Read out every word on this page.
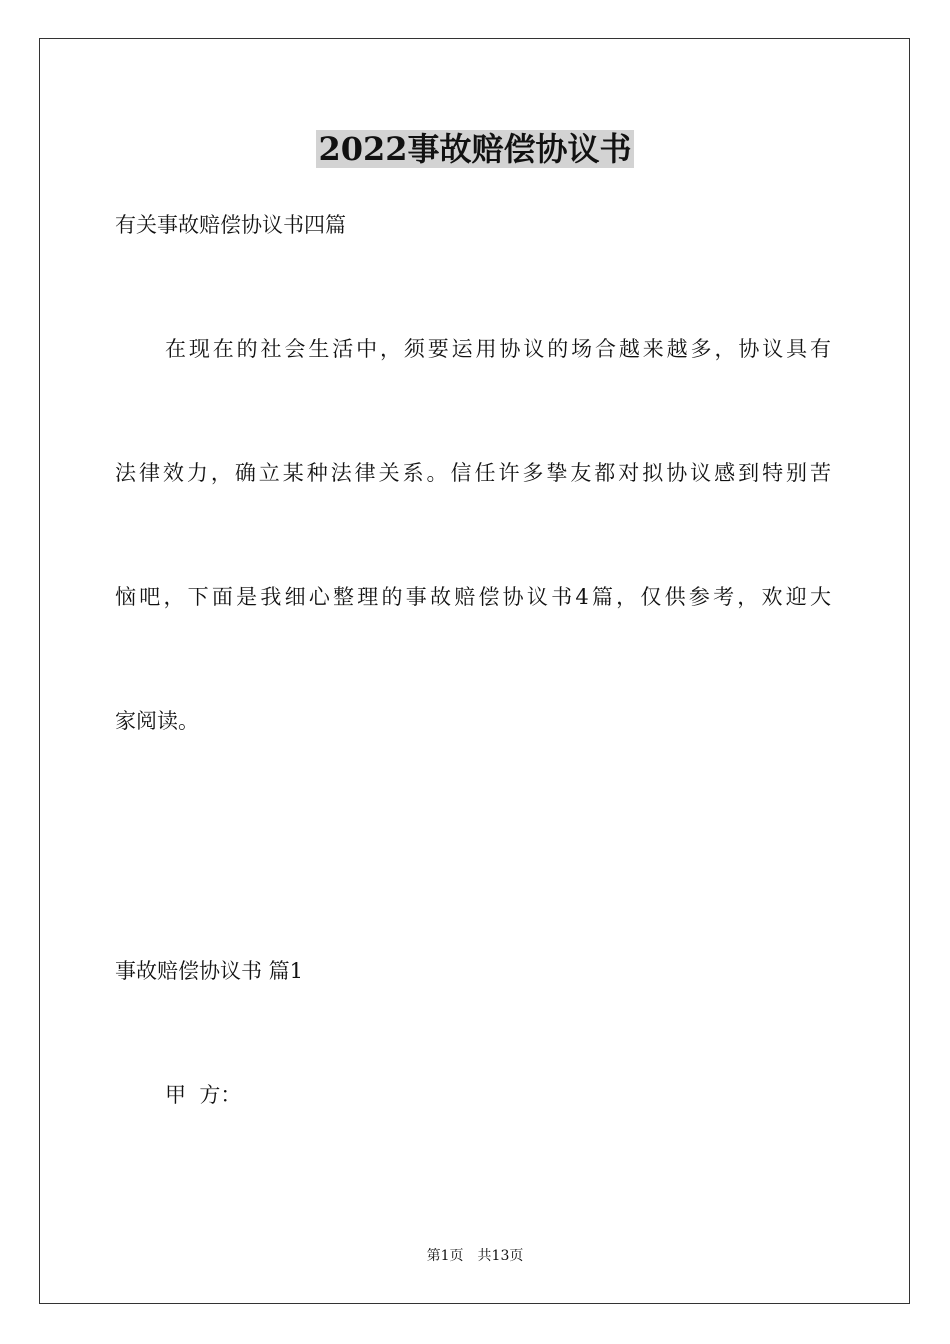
2022事故赔偿协议书
有关事故赔偿协议书四篇
在现在的社会生活中，须要运用协议的场合越来越多，协议具有
法律效力，确立某种法律关系。信任许多挚友都对拟协议感到特别苦
恼吧，下面是我细心整理的事故赔偿协议书4篇，仅供参考，欢迎大
家阅读。
事故赔偿协议书 篇1
甲  方：
第1页 共13页
